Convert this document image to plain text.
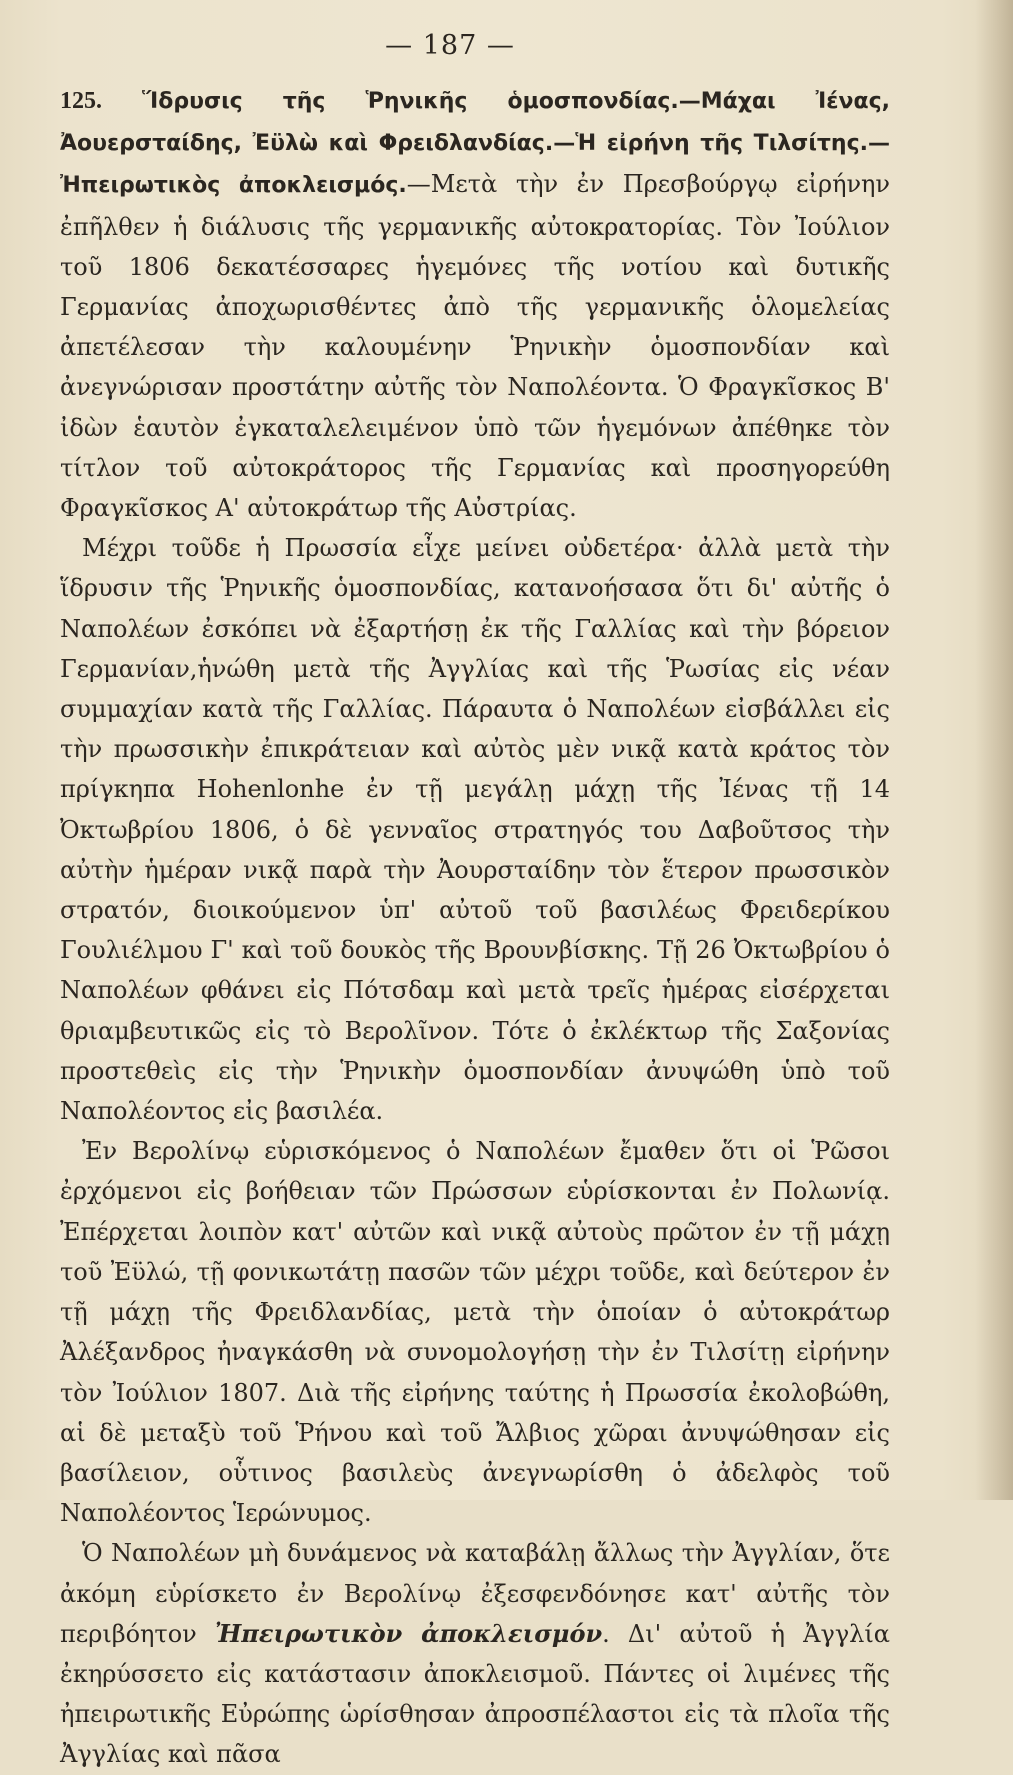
— 187 —

125. Ἵδρυσις τῆς Ῥηνικῆς ὁμοσπονδίας.—Μάχαι Ἰένας, Ἀουερσταίδης, Ἐϋλὼ καὶ Φρειδλανδίας.—Ἡ εἰρήνη τῆς Τιλσίτης.—Ἠπειρωτικὸς ἀποκλεισμός.—Μετὰ τὴν ἐν Πρεσβούργῳ εἰρήνην ἐπῆλθεν ἡ διάλυσις τῆς γερμανικῆς αὐτοκρατορίας. Τὸν Ἰούλιον τοῦ 1806 δεκατέσσαρες ἡγεμόνες τῆς νοτίου καὶ δυτικῆς Γερμανίας ἀποχωρισθέντες ἀπὸ τῆς γερμανικῆς ὁλομελείας ἀπετέλεσαν τὴν καλουμένην Ῥηνικὴν ὁμοσπονδίαν καὶ ἀνεγνώρισαν προστάτην αὐτῆς τὸν Ναπολέοντα. Ὁ Φραγκῖσκος Β' ἰδὼν ἑαυτὸν ἐγκαταλελειμένον ὑπὸ τῶν ἡγεμόνων ἀπέθηκε τὸν τίτλον τοῦ αὐτοκράτορος τῆς Γερμανίας καὶ προσηγορεύθη Φραγκῖσκος Α' αὐτοκράτωρ τῆς Αὐστρίας.

Μέχρι τοῦδε ἡ Πρωσσία εἶχε μείνει οὐδετέρα· ἀλλὰ μετὰ τὴν ἵδρυσιν τῆς Ῥηνικῆς ὁμοσπονδίας, κατανοήσασα ὅτι δι' αὐτῆς ὁ Ναπολέων ἐσκόπει νὰ ἐξαρτήσῃ ἐκ τῆς Γαλλίας καὶ τὴν βόρειον Γερμανίαν,ἡνώθη μετὰ τῆς Ἀγγλίας καὶ τῆς Ῥωσίας εἰς νέαν συμμαχίαν κατὰ τῆς Γαλλίας. Πάραυτα ὁ Ναπολέων εἰσβάλλει εἰς τὴν πρωσσικὴν ἐπικράτειαν καὶ αὐτὸς μὲν νικᾷ κατὰ κράτος τὸν πρίγκηπα Hohenlonhe ἐν τῇ μεγάλῃ μάχῃ τῆς Ἰένας τῇ 14 Ὀκτωβρίου 1806, ὁ δὲ γενναῖος στρατηγός του Δαβοῦτσος τὴν αὐτὴν ἡμέραν νικᾷ παρὰ τὴν Ἀουρσταίδην τὸν ἕτερον πρωσσικὸν στρατόν, διοικούμενον ὑπ' αὐτοῦ τοῦ βασιλέως Φρειδερίκου Γουλιέλμου Γ' καὶ τοῦ δουκὸς τῆς Βρουνβίσκης. Τῇ 26 Ὀκτωβρίου ὁ Ναπολέων φθάνει εἰς Πότσδαμ καὶ μετὰ τρεῖς ἡμέρας εἰσέρχεται θριαμβευτικῶς εἰς τὸ Βερολῖνον. Τότε ὁ ἐκλέκτωρ τῆς Σαξονίας προστεθεὶς εἰς τὴν Ῥηνικὴν ὁμοσπονδίαν ἀνυψώθη ὑπὸ τοῦ Ναπολέοντος εἰς βασιλέα.

Ἐν Βερολίνῳ εὑρισκόμενος ὁ Ναπολέων ἔμαθεν ὅτι οἱ Ῥῶσοι ἐρχόμενοι εἰς βοήθειαν τῶν Πρώσσων εὑρίσκονται ἐν Πολωνίᾳ. Ἐπέρχεται λοιπὸν κατ' αὐτῶν καὶ νικᾷ αὐτοὺς πρῶτον ἐν τῇ μάχῃ τοῦ Ἐϋλώ, τῇ φονικωτάτῃ πασῶν τῶν μέχρι τοῦδε, καὶ δεύτερον ἐν τῇ μάχῃ τῆς Φρειδλανδίας, μετὰ τὴν ὁποίαν ὁ αὐτοκράτωρ Ἀλέξανδρος ἠναγκάσθη νὰ συνομολογήσῃ τὴν ἐν Τιλσίτῃ εἰρήνην τὸν Ἰούλιον 1807. Διὰ τῆς εἰρήνης ταύτης ἡ Πρωσσία ἐκολοβώθη, αἱ δὲ μεταξὺ τοῦ Ῥήνου καὶ τοῦ Ἄλβιος χῶραι ἀνυψώθησαν εἰς βασίλειον, οὗτινος βασιλεὺς ἀνεγνωρίσθη ὁ ἀδελφὸς τοῦ Ναπολέοντος Ἱερώνυμος.

Ὁ Ναπολέων μὴ δυνάμενος νὰ καταβάλῃ ἄλλως τὴν Ἀγγλίαν, ὅτε ἀκόμη εὑρίσκετο ἐν Βερολίνῳ ἐξεσφενδόνησε κατ' αὐτῆς τὸν περιβόητον Ἠπειρωτικὸν ἀποκλεισμόν. Δι' αὐτοῦ ἡ Ἀγγλία ἐκηρύσσετο εἰς κατάστασιν ἀποκλεισμοῦ. Πάντες οἱ λιμένες τῆς ἠπειρωτικῆς Εὐρώπης ὡρίσθησαν ἀπροσπέλαστοι εἰς τὰ πλοῖα τῆς Ἀγγλίας καὶ πᾶσα
